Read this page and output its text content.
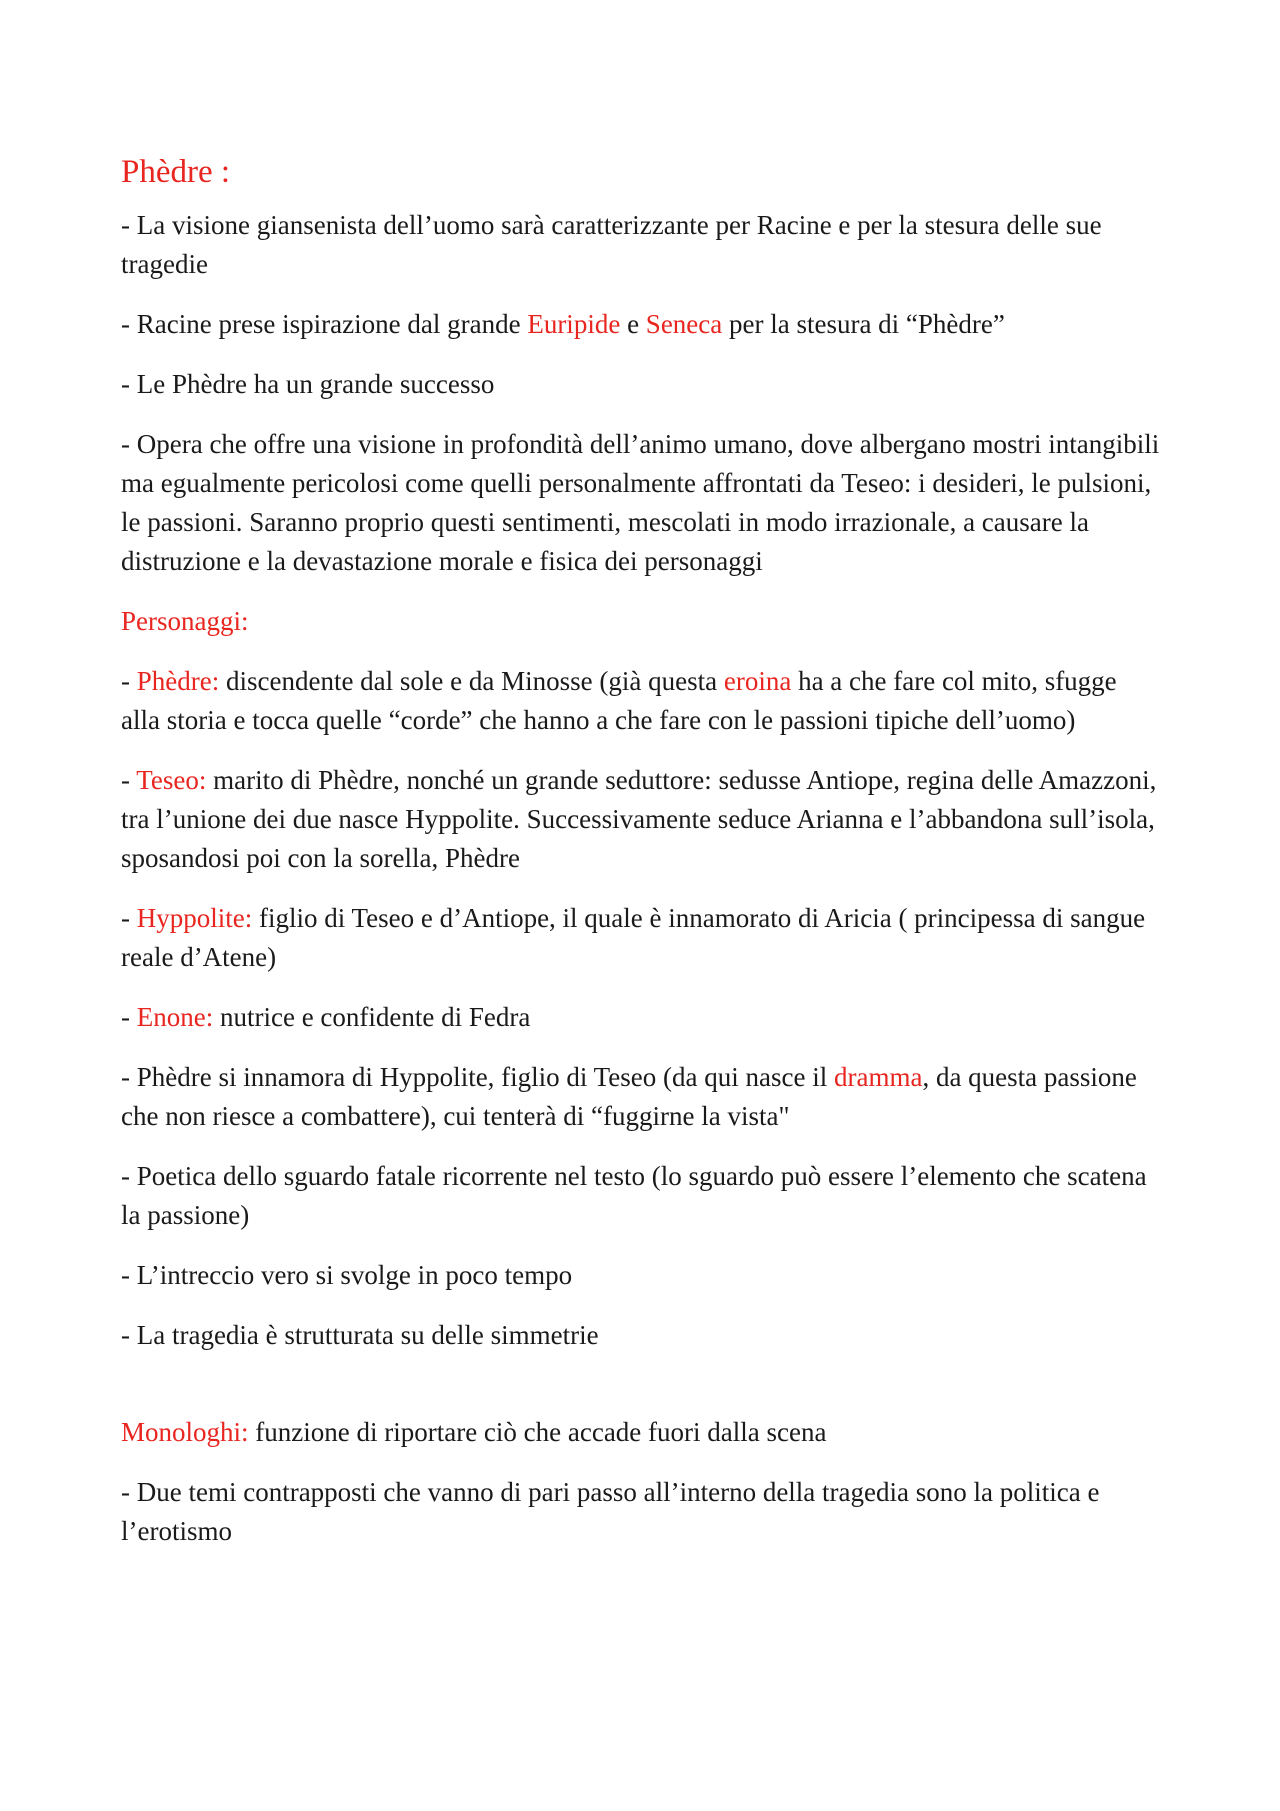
Phèdre :

- La visione giansenista dell’uomo sarà caratterizzante per Racine e per la stesura delle sue tragedie

- Racine prese ispirazione dal grande Euripide e Seneca per la stesura di “Phèdre”

- Le Phèdre ha un grande successo

- Opera che offre una visione in profondità dell’animo umano, dove albergano mostri intangibili ma egualmente pericolosi come quelli personalmente affrontati da Teseo: i desideri, le pulsioni, le passioni. Saranno proprio questi sentimenti, mescolati in modo irrazionale, a causare la distruzione e la devastazione morale e fisica dei personaggi

Personaggi:

- Phèdre: discendente dal sole e da Minosse (già questa eroina ha a che fare col mito, sfugge alla storia e tocca quelle “corde” che hanno a che fare con le passioni tipiche dell’uomo)

- Teseo: marito di Phèdre, nonché un grande seduttore: sedusse Antiope, regina delle Amazzoni, tra l’unione dei due nasce Hyppolite. Successivamente seduce Arianna e l’abbandona sull’isola, sposandosi poi con la sorella, Phèdre

- Hyppolite: figlio di Teseo e d’Antiope, il quale è innamorato di Aricia ( principessa di sangue reale d’Atene)

- Enone: nutrice e confidente di Fedra

- Phèdre si innamora di Hyppolite, figlio di Teseo (da qui nasce il dramma, da questa passione che non riesce a combattere), cui tenterà di “fuggirne la vista"

- Poetica dello sguardo fatale ricorrente nel testo (lo sguardo può essere l’elemento che scatena la passione)

- L’intreccio vero si svolge in poco tempo

- La tragedia è strutturata su delle simmetrie

Monologhi: funzione di riportare ciò che accade fuori dalla scena

- Due temi contrapposti che vanno di pari passo all’interno della tragedia sono la politica e l’erotismo
